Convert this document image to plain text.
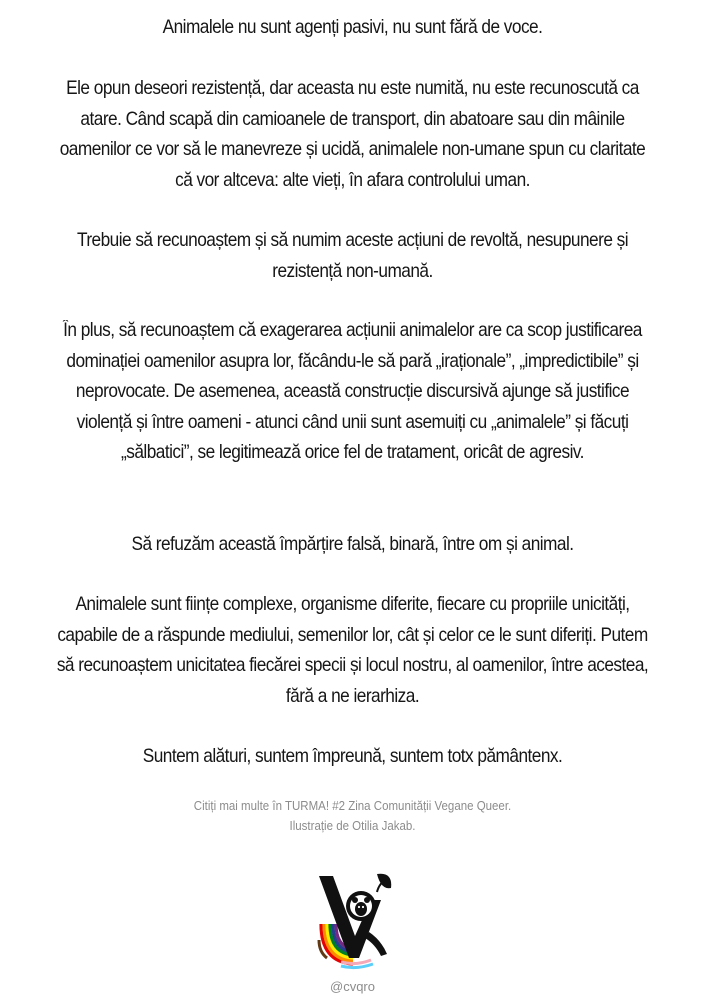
Animalele nu sunt agenți pasivi, nu sunt fără de voce.
Ele opun deseori rezistență, dar aceasta nu este numită, nu este recunoscută ca atare. Când scapă din camioanele de transport, din abatoare sau din mâinile oamenilor ce vor să le manevreze și ucidă, animalele non-umane spun cu claritate că vor altceva: alte vieți, în afara controlului uman.
Trebuie să recunoaștem și să numim aceste acțiuni de revoltă, nesupunere și rezistență non-umană.
În plus, să recunoaștem că exagerarea acțiunii animalelor are ca scop justificarea dominației oamenilor asupra lor, făcându-le să pară „iraționale”, „impredictibile” și neprovocate. De asemenea, această construcție discursivă ajunge să justifice violență și între oameni - atunci când unii sunt asemuiți cu „animalele” și făcuți „sălbatici”, se legitimează orice fel de tratament, oricât de agresiv.
Să refuzăm această împărțire falsă, binară, între om și animal.
Animalele sunt ființe complexe, organisme diferite, fiecare cu propriile unicități, capabile de a răspunde mediului, semenilor lor, cât și celor ce le sunt diferiți. Putem să recunoaștem unicitatea fiecărei specii și locul nostru, al oamenilor, între acestea, fără a ne ierarhiza.
Suntem alături, suntem împreună, suntem totx pământenx.
Citiți mai multe în TURMA! #2 Zina Comunității Vegane Queer.
Ilustrație de Otilia Jakab.
@cvqro
